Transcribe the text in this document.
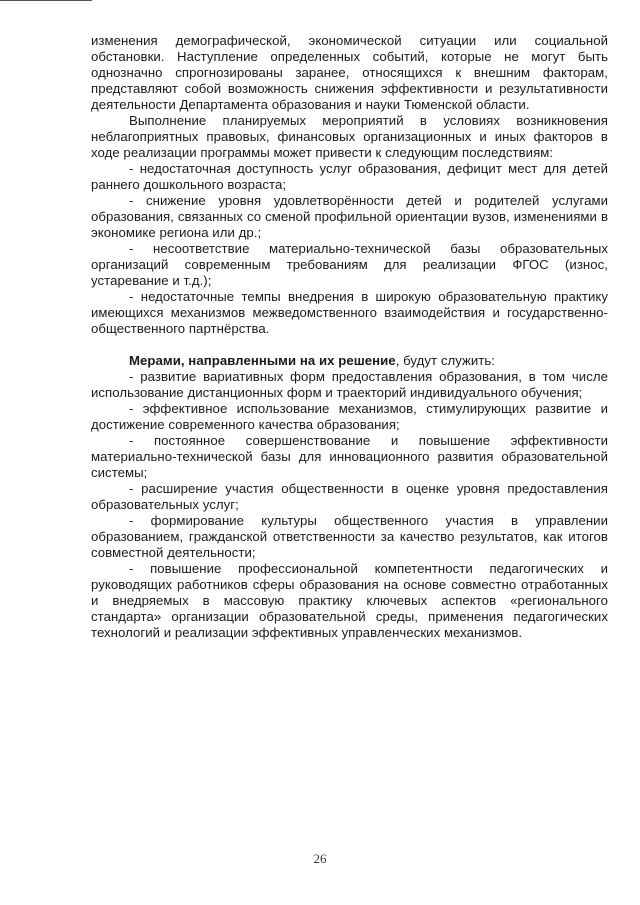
изменения демографической, экономической ситуации или социальной обстановки. Наступление определенных событий, которые не могут быть однозначно спрогнозированы заранее, относящихся к внешним факторам, представляют собой возможность снижения эффективности и результативности деятельности Департамента образования и науки Тюменской области.

Выполнение планируемых мероприятий в условиях возникновения неблагоприятных правовых, финансовых организационных и иных факторов в ходе реализации программы может привести к следующим последствиям:

- недостаточная доступность услуг образования, дефицит мест для детей раннего дошкольного возраста;

- снижение уровня удовлетворённости детей и родителей услугами образования, связанных со сменой профильной ориентации вузов, изменениями в экономике региона или др.;

- несоответствие материально-технической базы образовательных организаций современным требованиям для реализации ФГОС (износ, устаревание и т.д.);

- недостаточные темпы внедрения в широкую образовательную практику имеющихся механизмов межведомственного взаимодействия и государственно-общественного партнёрства.

Мерами, направленными на их решение, будут служить:

- развитие вариативных форм предоставления образования, в том числе использование дистанционных форм и траекторий индивидуального обучения;

- эффективное использование механизмов, стимулирующих развитие и достижение современного качества образования;

- постоянное совершенствование и повышение эффективности материально-технической базы для инновационного развития образовательной системы;

- расширение участия общественности в оценке уровня предоставления образовательных услуг;

- формирование культуры общественного участия в управлении образованием, гражданской ответственности за качество результатов, как итогов совместной деятельности;

- повышение профессиональной компетентности педагогических и руководящих работников сферы образования на основе совместно отработанных и внедряемых в массовую практику ключевых аспектов «регионального стандарта» организации образовательной среды, применения педагогических технологий и реализации эффективных управленческих механизмов.

26
